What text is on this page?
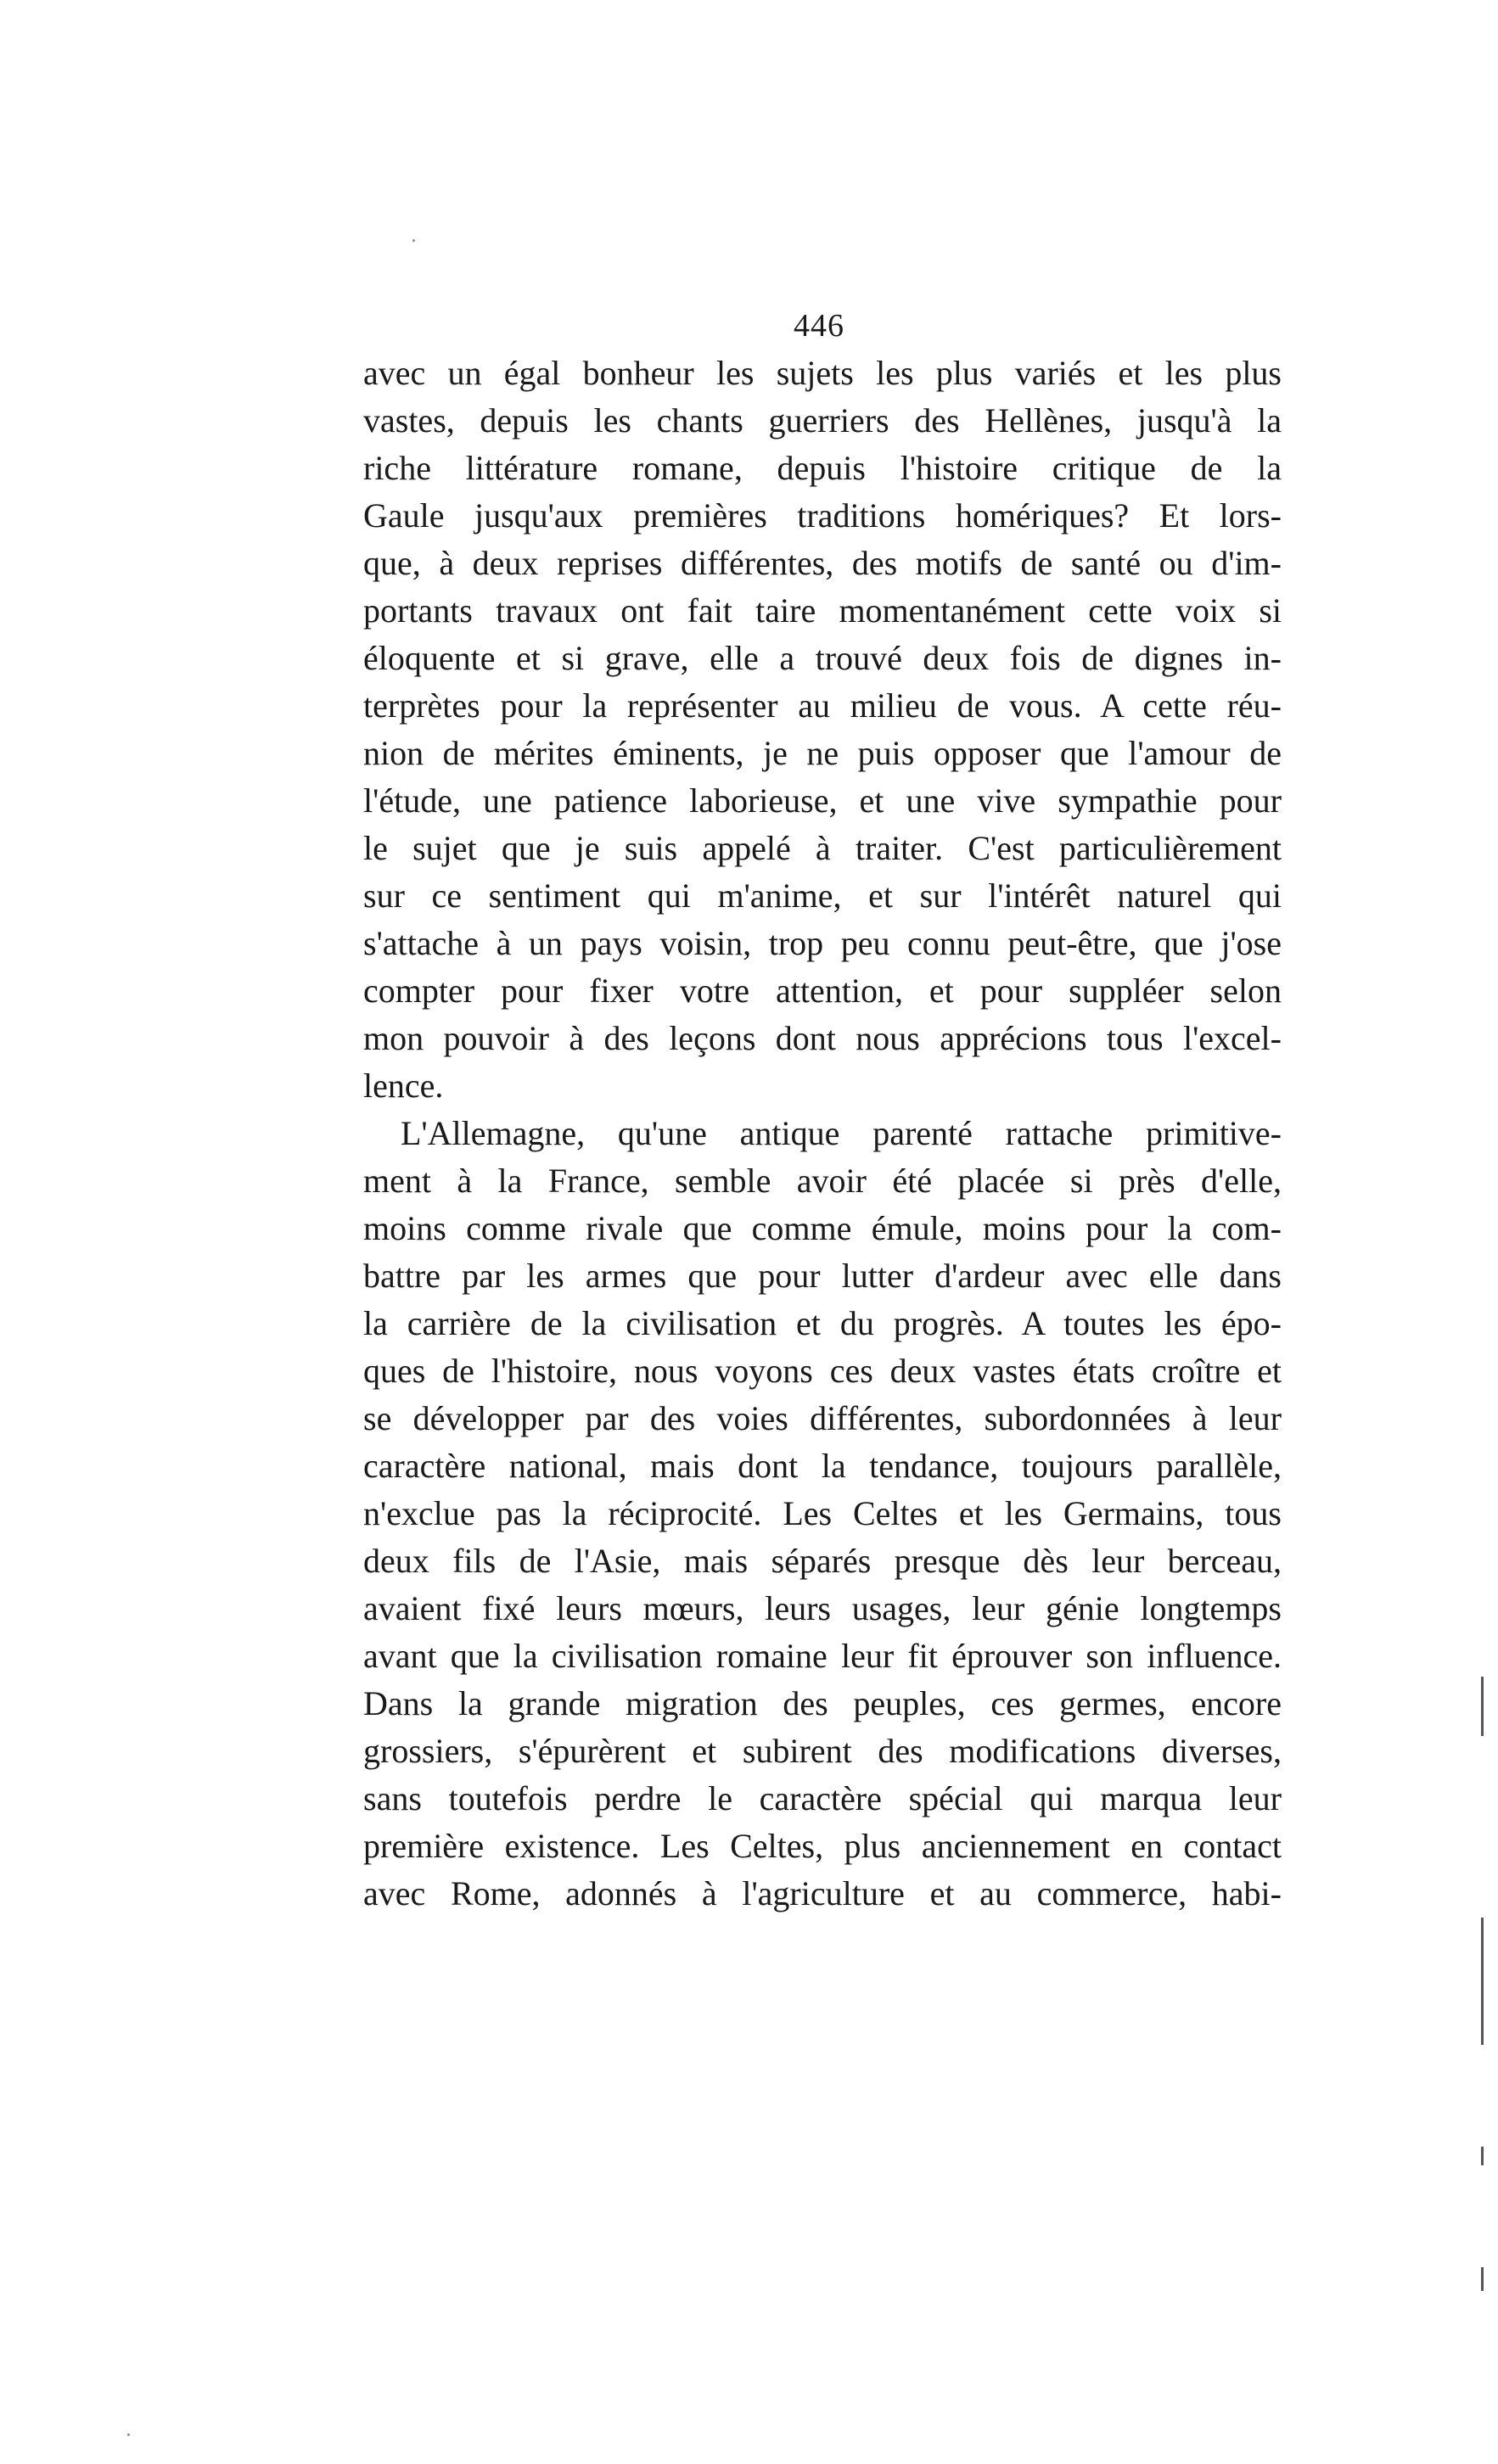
446
avec un égal bonheur les sujets les plus variés et les plus
vastes, depuis les chants guerriers des Hellènes, jusqu'à la
riche littérature romane, depuis l'histoire critique de la
Gaule jusqu'aux premières traditions homériques? Et lors-
que, à deux reprises différentes, des motifs de santé ou d'im-
portants travaux ont fait taire momentanément cette voix si
éloquente et si grave, elle a trouvé deux fois de dignes in-
terprètes pour la représenter au milieu de vous. A cette réu-
nion de mérites éminents, je ne puis opposer que l'amour de
l'étude, une patience laborieuse, et une vive sympathie pour
le sujet que je suis appelé à traiter. C'est particulièrement
sur ce sentiment qui m'anime, et sur l'intérêt naturel qui
s'attache à un pays voisin, trop peu connu peut-être, que j'ose
compter pour fixer votre attention, et pour suppléer selon
mon pouvoir à des leçons dont nous apprécions tous l'excel-
lence.
L'Allemagne, qu'une antique parenté rattache primitive-
ment à la France, semble avoir été placée si près d'elle,
moins comme rivale que comme émule, moins pour la com-
battre par les armes que pour lutter d'ardeur avec elle dans
la carrière de la civilisation et du progrès. A toutes les épo-
ques de l'histoire, nous voyons ces deux vastes états croître et
se développer par des voies différentes, subordonnées à leur
caractère national, mais dont la tendance, toujours parallèle,
n'exclue pas la réciprocité. Les Celtes et les Germains, tous
deux fils de l'Asie, mais séparés presque dès leur berceau,
avaient fixé leurs mœurs, leurs usages, leur génie longtemps
avant que la civilisation romaine leur fit éprouver son influence.
Dans la grande migration des peuples, ces germes, encore
grossiers, s'épurèrent et subirent des modifications diverses,
sans toutefois perdre le caractère spécial qui marqua leur
première existence. Les Celtes, plus anciennement en contact
avec Rome, adonnés à l'agriculture et au commerce, habi-
